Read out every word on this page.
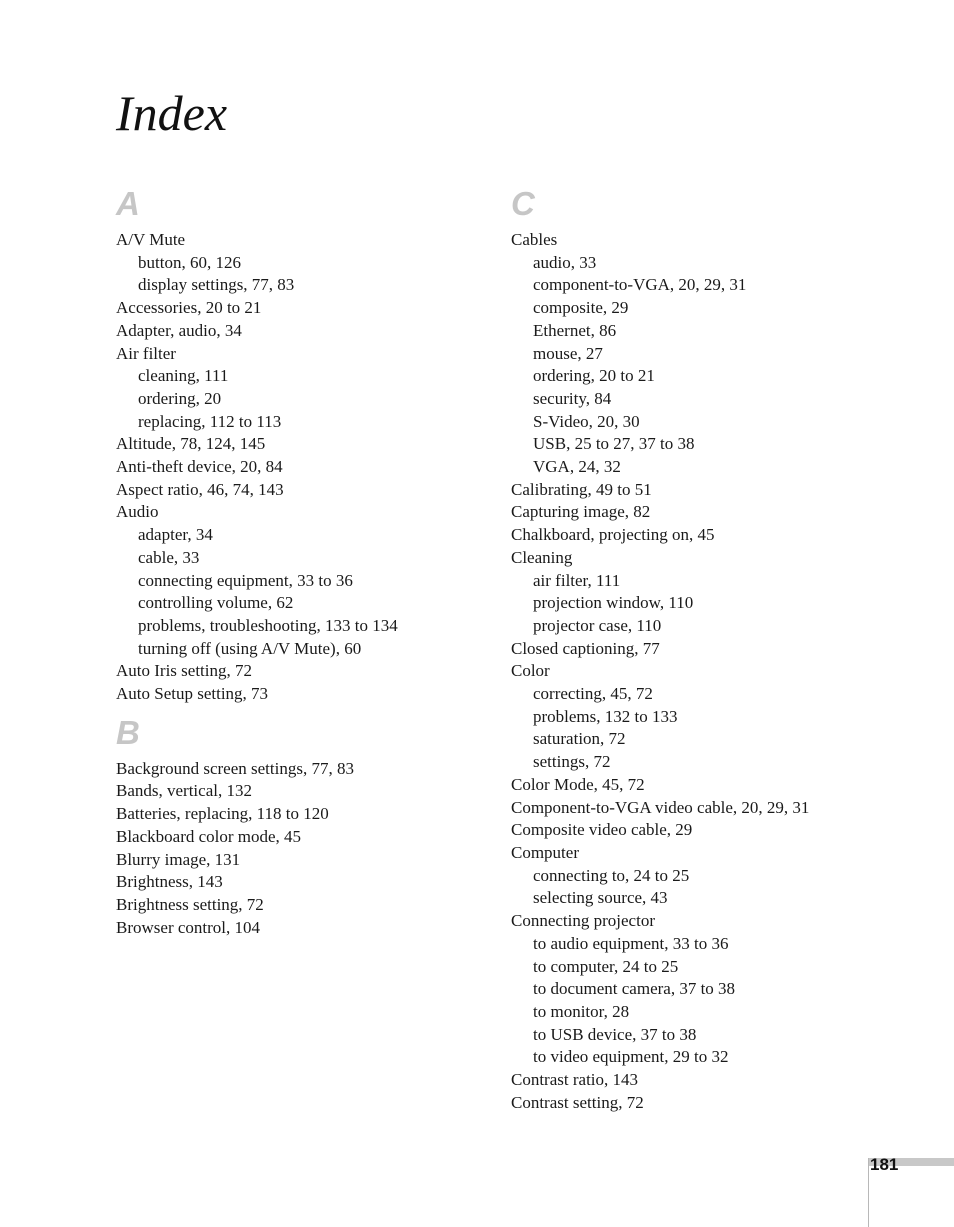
Index
A
A/V Mute
button, 60, 126
display settings, 77, 83
Accessories, 20 to 21
Adapter, audio, 34
Air filter
cleaning, 111
ordering, 20
replacing, 112 to 113
Altitude, 78, 124, 145
Anti-theft device, 20, 84
Aspect ratio, 46, 74, 143
Audio
adapter, 34
cable, 33
connecting equipment, 33 to 36
controlling volume, 62
problems, troubleshooting, 133 to 134
turning off (using A/V Mute), 60
Auto Iris setting, 72
Auto Setup setting, 73
B
Background screen settings, 77, 83
Bands, vertical, 132
Batteries, replacing, 118 to 120
Blackboard color mode, 45
Blurry image, 131
Brightness, 143
Brightness setting, 72
Browser control, 104
C
Cables
audio, 33
component-to-VGA, 20, 29, 31
composite, 29
Ethernet, 86
mouse, 27
ordering, 20 to 21
security, 84
S-Video, 20, 30
USB, 25 to 27, 37 to 38
VGA, 24, 32
Calibrating, 49 to 51
Capturing image, 82
Chalkboard, projecting on, 45
Cleaning
air filter, 111
projection window, 110
projector case, 110
Closed captioning, 77
Color
correcting, 45, 72
problems, 132 to 133
saturation, 72
settings, 72
Color Mode, 45, 72
Component-to-VGA video cable, 20, 29, 31
Composite video cable, 29
Computer
connecting to, 24 to 25
selecting source, 43
Connecting projector
to audio equipment, 33 to 36
to computer, 24 to 25
to document camera, 37 to 38
to monitor, 28
to USB device, 37 to 38
to video equipment, 29 to 32
Contrast ratio, 143
Contrast setting, 72
181
